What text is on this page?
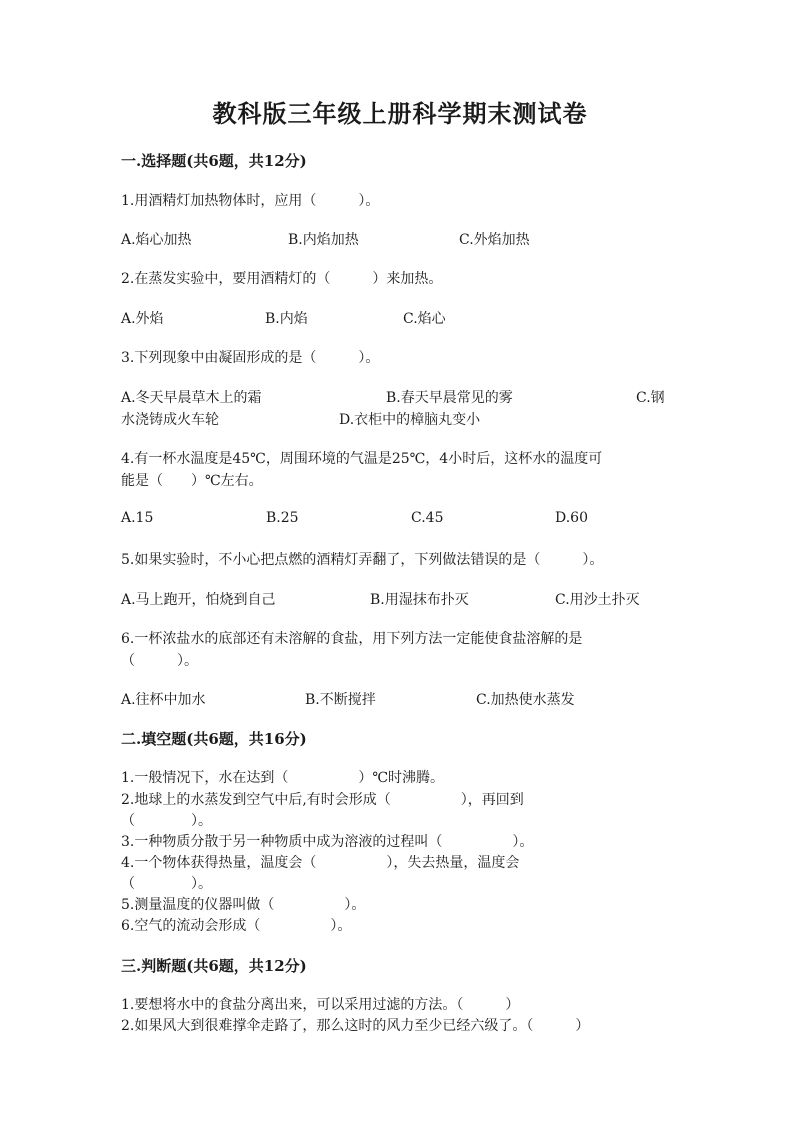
教科版三年级上册科学期末测试卷
一.选择题(共6题，共12分)
1.用酒精灯加热物体时，应用（　　　）。
A.焰心加热	B.内焰加热	C.外焰加热
2.在蒸发实验中，要用酒精灯的（　　　）来加热。
A.外焰	B.内焰	C.焰心
3.下列现象中由凝固形成的是（　　　）。
A.冬天早晨草木上的霜	B.春天早晨常见的雾	C.钢
水浇铸成火车轮	D.衣柜中的樟脑丸变小
4.有一杯水温度是45℃，周围环境的气温是25℃，4小时后，这杯水的温度可
能是（　　）℃左右。
A.15	B.25	C.45	D.60
5.如果实验时，不小心把点燃的酒精灯弄翻了，下列做法错误的是（　　　）。
A.马上跑开，怕烧到自己	B.用湿抹布扑灭	C.用沙土扑灭
6.一杯浓盐水的底部还有未溶解的食盐，用下列方法一定能使食盐溶解的是
（　　　）。
A.往杯中加水	B.不断搅拌	C.加热使水蒸发
二.填空题(共6题，共16分)
1.一般情况下，水在达到（　　　　　）℃时沸腾。
2.地球上的水蒸发到空气中后,有时会形成（　　　　　），再回到
（　　　　）。
3.一种物质分散于另一种物质中成为溶液的过程叫（　　　　　）。
4.一个物体获得热量，温度会（　　　　　），失去热量，温度会
（　　　　）。
5.测量温度的仪器叫做（　　　　　）。
6.空气的流动会形成（　　　　　）。
三.判断题(共6题，共12分)
1.要想将水中的食盐分离出来，可以采用过滤的方法。（　　　）
2.如果风大到很难撑伞走路了，那么这时的风力至少已经六级了。（　　　）
